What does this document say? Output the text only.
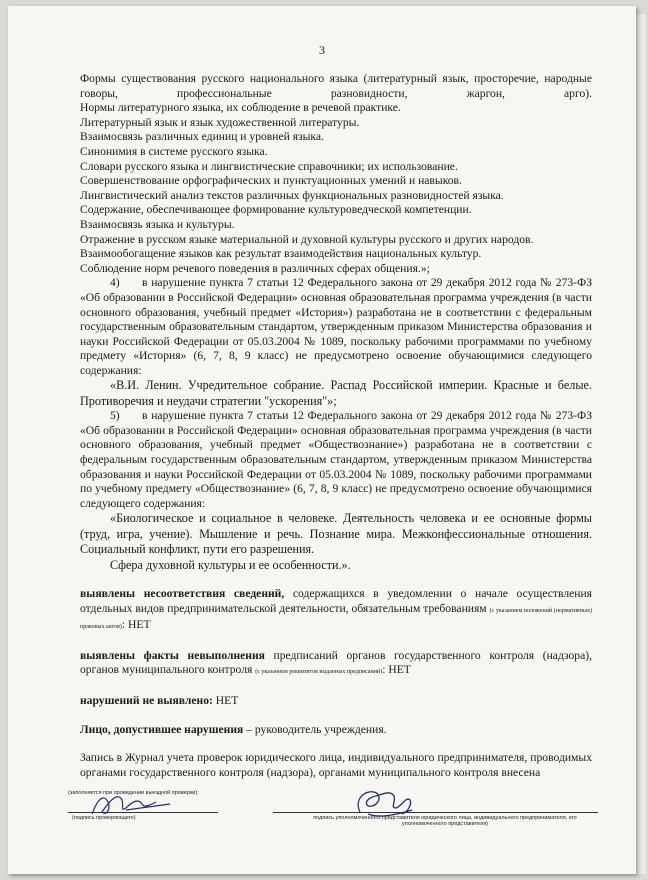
3

Формы существования русского национального языка (литературный язык, просторечие, народные говоры, профессиональные разновидности, жаргон, арго).

Нормы литературного языка, их соблюдение в речевой практике.

Литературный язык и язык художественной литературы.

Взаимосвязь различных единиц и уровней языка.

Синонимия в системе русского языка.

Словари русского языка и лингвистические справочники; их использование.

Совершенствование орфографических и пунктуационных умений и навыков.

Лингвистический анализ текстов различных функциональных разновидностей языка.

Содержание, обеспечивающее формирование культуроведческой компетенции.

Взаимосвязь языка и культуры.

Отражение в русском языке материальной и духовной культуры русского и других народов.

Взаимообогащение языков как результат взаимодействия национальных культур.

Соблюдение норм речевого поведения в различных сферах общения.»;

4) в нарушение пункта 7 статьи 12 Федерального закона от 29 декабря 2012 года № 273-ФЗ «Об образовании в Российской Федерации» основная образовательная программа учреждения (в части основного образования, учебный предмет «История») разработана не в соответствии с федеральным государственным образовательным стандартом, утвержденным приказом Министерства образования и науки Российской Федерации от 05.03.2004 № 1089, поскольку рабочими программами по учебному предмету «История» (6, 7, 8, 9 класс) не предусмотрено освоение обучающимися следующего содержания:

«В.И. Ленин. Учредительное собрание. Распад Российской империи. Красные и белые. Противоречия и неудачи стратегии "ускорения"»;

5) в нарушение пункта 7 статьи 12 Федерального закона от 29 декабря 2012 года № 273-ФЗ «Об образовании в Российской Федерации» основная образовательная программа учреждения (в части основного образования, учебный предмет «Обществознание») разработана не в соответствии с федеральным государственным образовательным стандартом, утвержденным приказом Министерства образования и науки Российской Федерации от 05.03.2004 № 1089, поскольку рабочими программами по учебному предмету «Обществознание» (6, 7, 8, 9 класс) не предусмотрено освоение обучающимися следующего содержания:

«Биологическое и социальное в человеке. Деятельность человека и ее основные формы (труд, игра, учение). Мышление и речь. Познание мира. Межконфессиональные отношения. Социальный конфликт, пути его разрешения.

Сфера духовной культуры и ее особенности.».

выявлены несоответствия сведений, содержащихся в уведомлении о начале осуществления отдельных видов предпринимательской деятельности, обязательным требованиям (с указанием положений (нормативных) правовых актов): НЕТ

выявлены факты невыполнения предписаний органов государственного контроля (надзора), органов муниципального контроля (с указанием реквизитов выданных предписаний): НЕТ

нарушений не выявлено: НЕТ

Лицо, допустившее нарушения – руководитель учреждения.

Запись в Журнал учета проверок юридического лица, индивидуального предпринимателя, проводимых органами государственного контроля (надзора), органами муниципального контроля внесена

(заполняется при проведении выездной проверки):
(подпись проверяющего)	подпись уполномоченного представителя юридического лица, индивидуального предпринимателя, его уполномоченного представителя)
